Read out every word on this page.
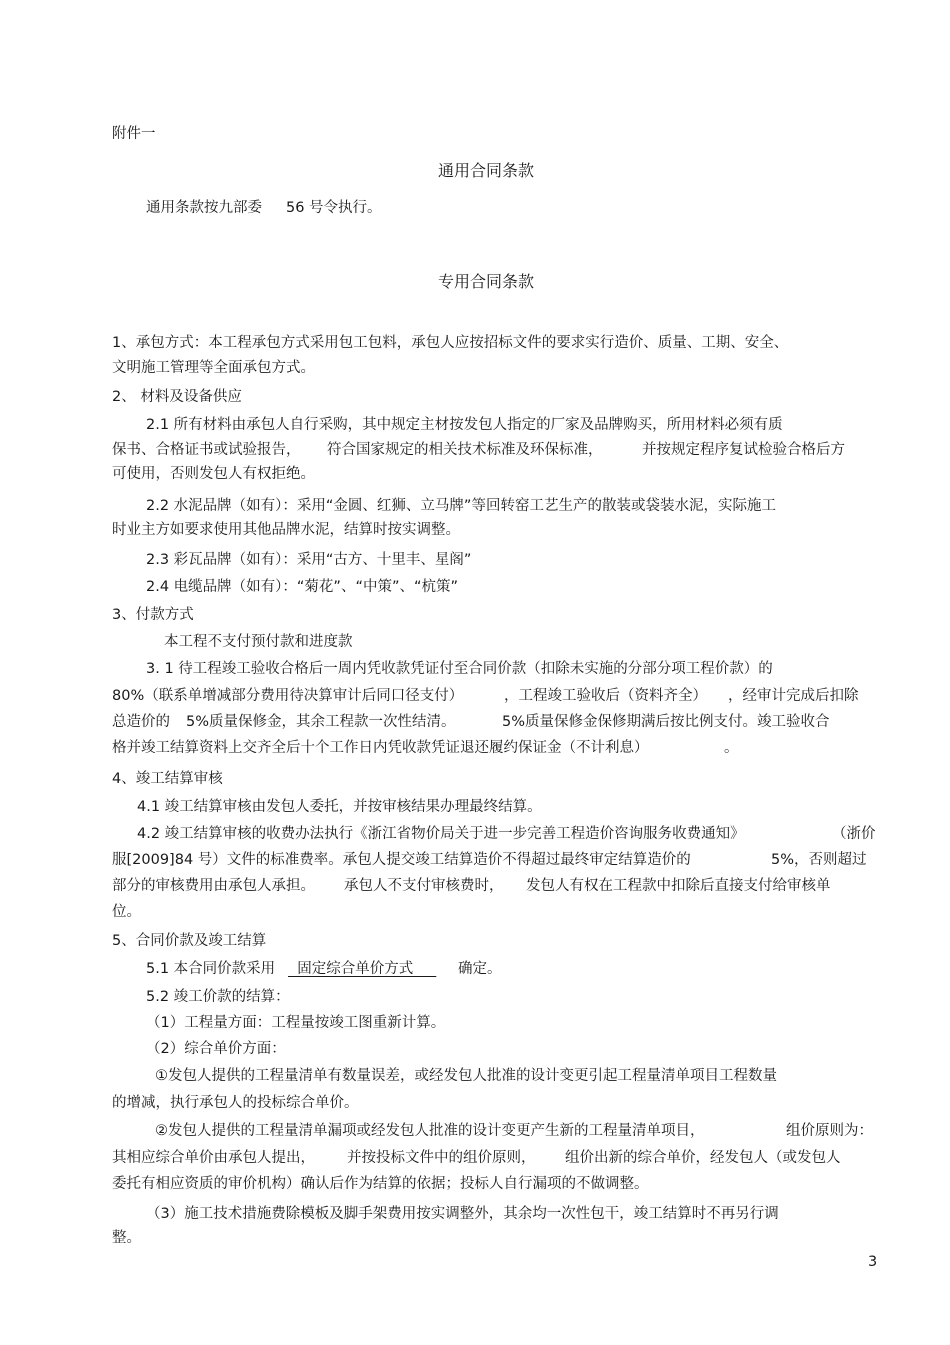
附件一
通用合同条款
通用条款按九部委 56 号令执行。
专用合同条款
1、承包方式：本工程承包方式采用包工包料，承包人应按招标文件的要求实行造价、质量、工期、安全、
文明施工管理等全面承包方式。
2、 材料及设备供应
2.1 所有材料由承包人自行采购，其中规定主材按发包人指定的厂家及品牌购买，所用材料必须有质
保书、合格证书或试验报告， 符合国家规定的相关技术标准及环保标准，	并按规定程序复试检验合格后方
可使用，否则发包人有权拒绝。
2.2 水泥品牌（如有）：采用“金圆、红狮、立马牌”等回转窑工艺生产的散装或袋装水泥，实际施工
时业主方如要求使用其他品牌水泥，结算时按实调整。
2.3 彩瓦品牌（如有）：采用“古方、十里丰、星阁”
2.4 电缆品牌（如有）：“菊花”、“中策”、“杭策”
3、付款方式
本工程不支付预付款和进度款
3. 1 待工程竣工验收合格后一周内凭收款凭证付至合同价款（扣除未实施的分部分项工程价款）的
80%（联系单增减部分费用待决算审计后同口径支付）	，工程竣工验收后（资料齐全） ，经审计完成后扣除
总造价的 5%质量保修金，其余工程款一次性结清。	5%质量保修金保修期满后按比例支付。竣工验收合
格并竣工结算资料上交齐全后十个工作日内凭收款凭证退还履约保证金（不计利息）	。
4、竣工结算审核
4.1 竣工结算审核由发包人委托，并按审核结果办理最终结算。
4.2 竣工结算审核的收费办法执行《浙江省物价局关于进一步完善工程造价咨询服务收费通知》	（浙价
服[2009]84 号）文件的标准费率。承包人提交竣工结算造价不得超过最终审定结算造价的	5%，否则超过
部分的审核费用由承包人承担。 承包人不支付审核费时， 发包人有权在工程款中扣除后直接支付给审核单
位。
5、合同价款及竣工结算
5.1 本合同价款采用 固定综合单价方式 确定。
5.2 竣工价款的结算：
（1）工程量方面：工程量按竣工图重新计算。
（2）综合单价方面：
①发包人提供的工程量清单有数量误差，或经发包人批准的设计变更引起工程量清单项目工程数量
的增减，执行承包人的投标综合单价。
②发包人提供的工程量清单漏项或经发包人批准的设计变更产生新的工程量清单项目，	组价原则为：
其相应综合单价由承包人提出， 并按投标文件中的组价原则， 组价出新的综合单价，经发包人（或发包人
委托有相应资质的审价机构）确认后作为结算的依据；投标人自行漏项的不做调整。
（3）施工技术措施费除模板及脚手架费用按实调整外，其余均一次性包干，竣工结算时不再另行调
整。
3
